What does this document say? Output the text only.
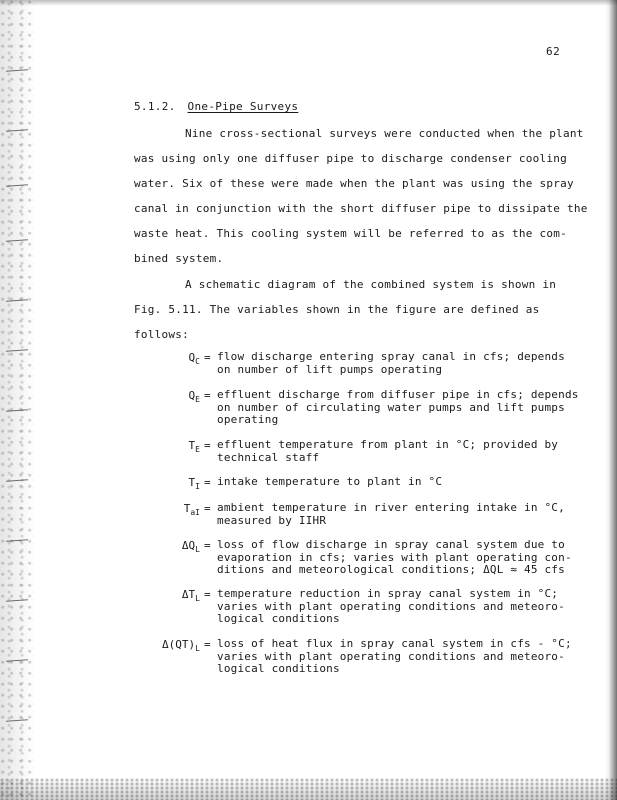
62
5.1.2. One-Pipe Surveys
Nine cross-sectional surveys were conducted when the plant
was using only one diffuser pipe to discharge condenser cooling
water. Six of these were made when the plant was using the spray
canal in conjunction with the short diffuser pipe to dissipate the
waste heat. This cooling system will be referred to as the com-
bined system.
A schematic diagram of the combined system is shown in
Fig. 5.11. The variables shown in the figure are defined as
follows:
$Q_C$ = flow discharge entering spray canal in cfs; depends
on number of lift pumps operating
$Q_E$ = effluent discharge from diffuser pipe in cfs; depends
on number of circulating water pumps and lift pumps
operating
$T_E$ = effluent temperature from plant in °C; provided by
technical staff
$T_I$ = intake temperature to plant in °C
$T_{aI}$ = ambient temperature in river entering intake in °C,
measured by IIHR
$\Delta Q_L$ = loss of flow discharge in spray canal system due to
evaporation in cfs; varies with plant operating con-
ditions and meteorological conditions; ΔQL ≈ 45 cfs
$\Delta T_L$ = temperature reduction in spray canal system in °C;
varies with plant operating conditions and meteoro-
logical conditions
$\Delta(QT)_L$ = loss of heat flux in spray canal system in cfs - °C;
varies with plant operating conditions and meteoro-
logical conditions
